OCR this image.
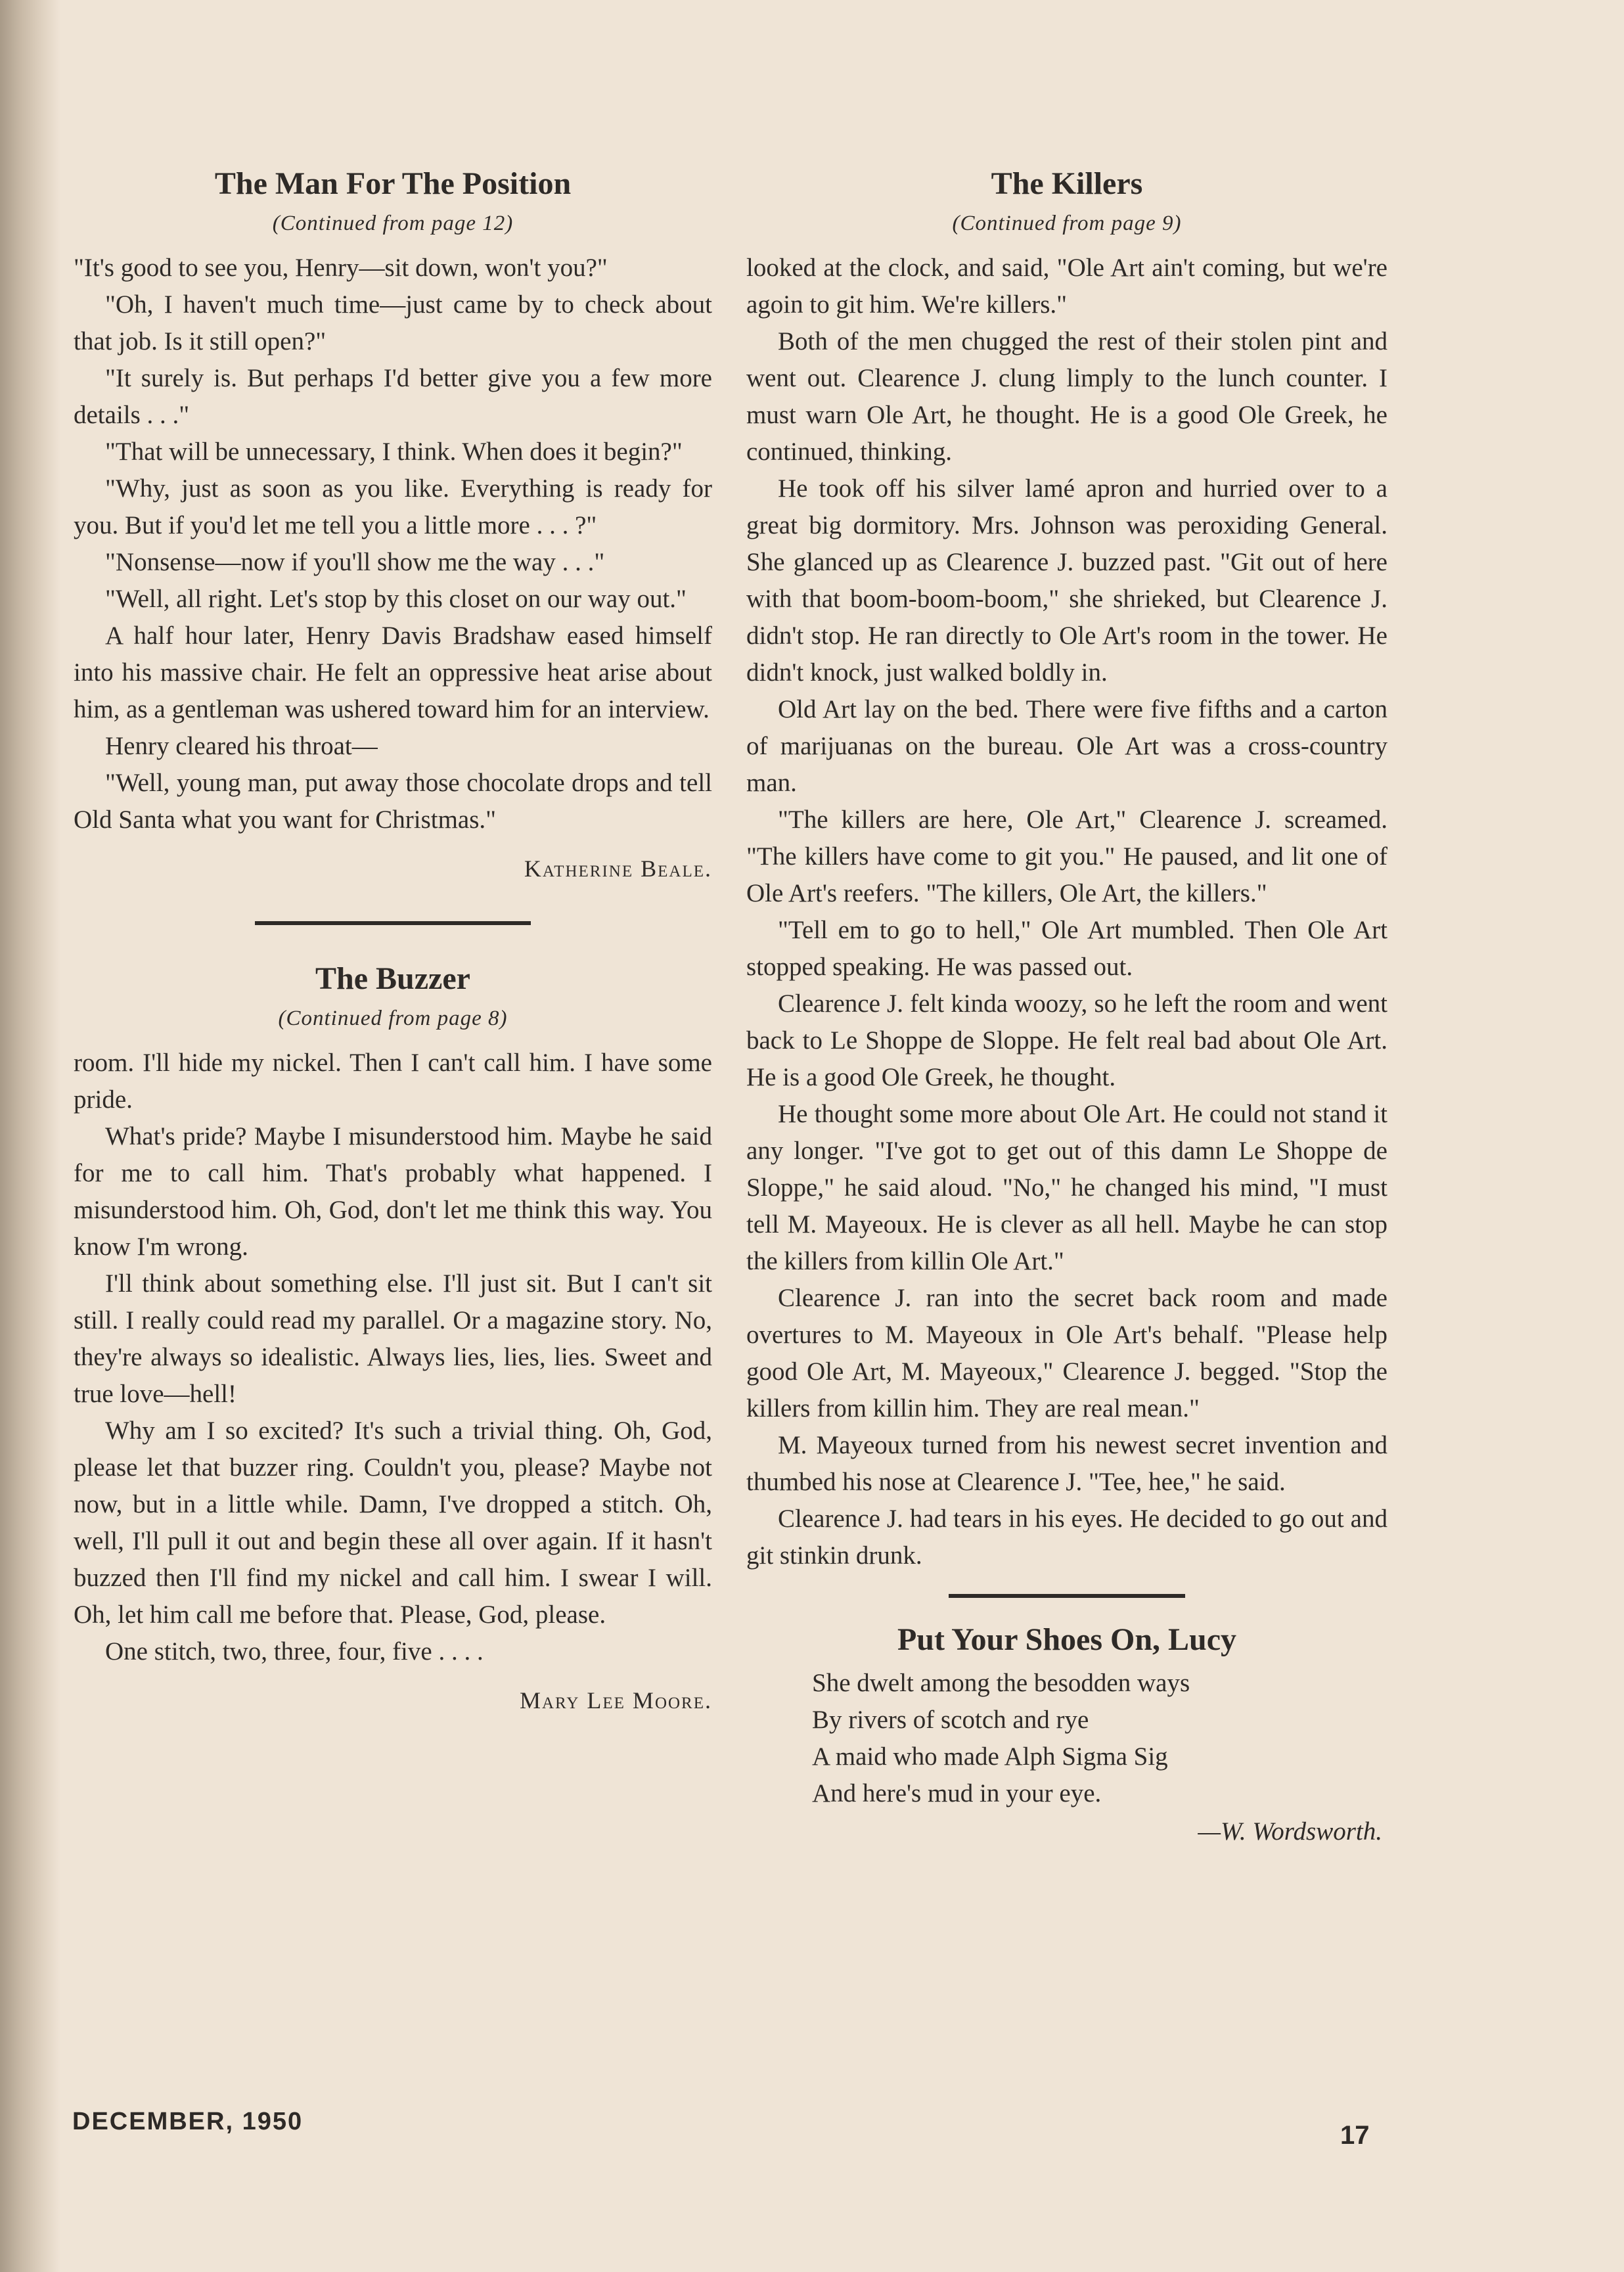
The Man For The Position

(Continued from page 12)

"It's good to see you, Henry—sit down, won't you?"

"Oh, I haven't much time—just came by to check about that job. Is it still open?"

"It surely is. But perhaps I'd better give you a few more details . . ."

"That will be unnecessary, I think. When does it begin?"

"Why, just as soon as you like. Everything is ready for you. But if you'd let me tell you a little more . . . ?"

"Nonsense—now if you'll show me the way . . ."

"Well, all right. Let's stop by this closet on our way out."

A half hour later, Henry Davis Bradshaw eased himself into his massive chair. He felt an oppressive heat arise about him, as a gentleman was ushered toward him for an interview.

Henry cleared his throat—

"Well, young man, put away those chocolate drops and tell Old Santa what you want for Christmas."

Katherine Beale.

The Buzzer

(Continued from page 8)

room. I'll hide my nickel. Then I can't call him. I have some pride.

What's pride? Maybe I misunderstood him. Maybe he said for me to call him. That's probably what happened. I misunderstood him. Oh, God, don't let me think this way. You know I'm wrong.

I'll think about something else. I'll just sit. But I can't sit still. I really could read my parallel. Or a magazine story. No, they're always so idealistic. Always lies, lies, lies. Sweet and true love—hell!

Why am I so excited? It's such a trivial thing. Oh, God, please let that buzzer ring. Couldn't you, please? Maybe not now, but in a little while. Damn, I've dropped a stitch. Oh, well, I'll pull it out and begin these all over again. If it hasn't buzzed then I'll find my nickel and call him. I swear I will. Oh, let him call me before that. Please, God, please.

One stitch, two, three, four, five . . . .

Mary Lee Moore.

The Killers

(Continued from page 9)

looked at the clock, and said, "Ole Art ain't coming, but we're agoin to git him. We're killers."

Both of the men chugged the rest of their stolen pint and went out. Clearence J. clung limply to the lunch counter. I must warn Ole Art, he thought. He is a good Ole Greek, he continued, thinking.

He took off his silver lamé apron and hurried over to a great big dormitory. Mrs. Johnson was peroxiding General. She glanced up as Clearence J. buzzed past. "Git out of here with that boom-boom-boom," she shrieked, but Clearence J. didn't stop. He ran directly to Ole Art's room in the tower. He didn't knock, just walked boldly in.

Old Art lay on the bed. There were five fifths and a carton of marijuanas on the bureau. Ole Art was a cross-country man.

"The killers are here, Ole Art," Clearence J. screamed. "The killers have come to git you." He paused, and lit one of Ole Art's reefers. "The killers, Ole Art, the killers."

"Tell em to go to hell," Ole Art mumbled. Then Ole Art stopped speaking. He was passed out.

Clearence J. felt kinda woozy, so he left the room and went back to Le Shoppe de Sloppe. He felt real bad about Ole Art. He is a good Ole Greek, he thought.

He thought some more about Ole Art. He could not stand it any longer. "I've got to get out of this damn Le Shoppe de Sloppe," he said aloud. "No," he changed his mind, "I must tell M. Mayeoux. He is clever as all hell. Maybe he can stop the killers from killin Ole Art."

Clearence J. ran into the secret back room and made overtures to M. Mayeoux in Ole Art's behalf. "Please help good Ole Art, M. Mayeoux," Clearence J. begged. "Stop the killers from killin him. They are real mean."

M. Mayeoux turned from his newest secret invention and thumbed his nose at Clearence J. "Tee, hee," he said.

Clearence J. had tears in his eyes. He decided to go out and git stinkin drunk.

Put Your Shoes On, Lucy

She dwelt among the besodden ways

By rivers of scotch and rye

A maid who made Alph Sigma Sig

And here's mud in your eye.

—W. Wordsworth.

DECEMBER, 1950	17
